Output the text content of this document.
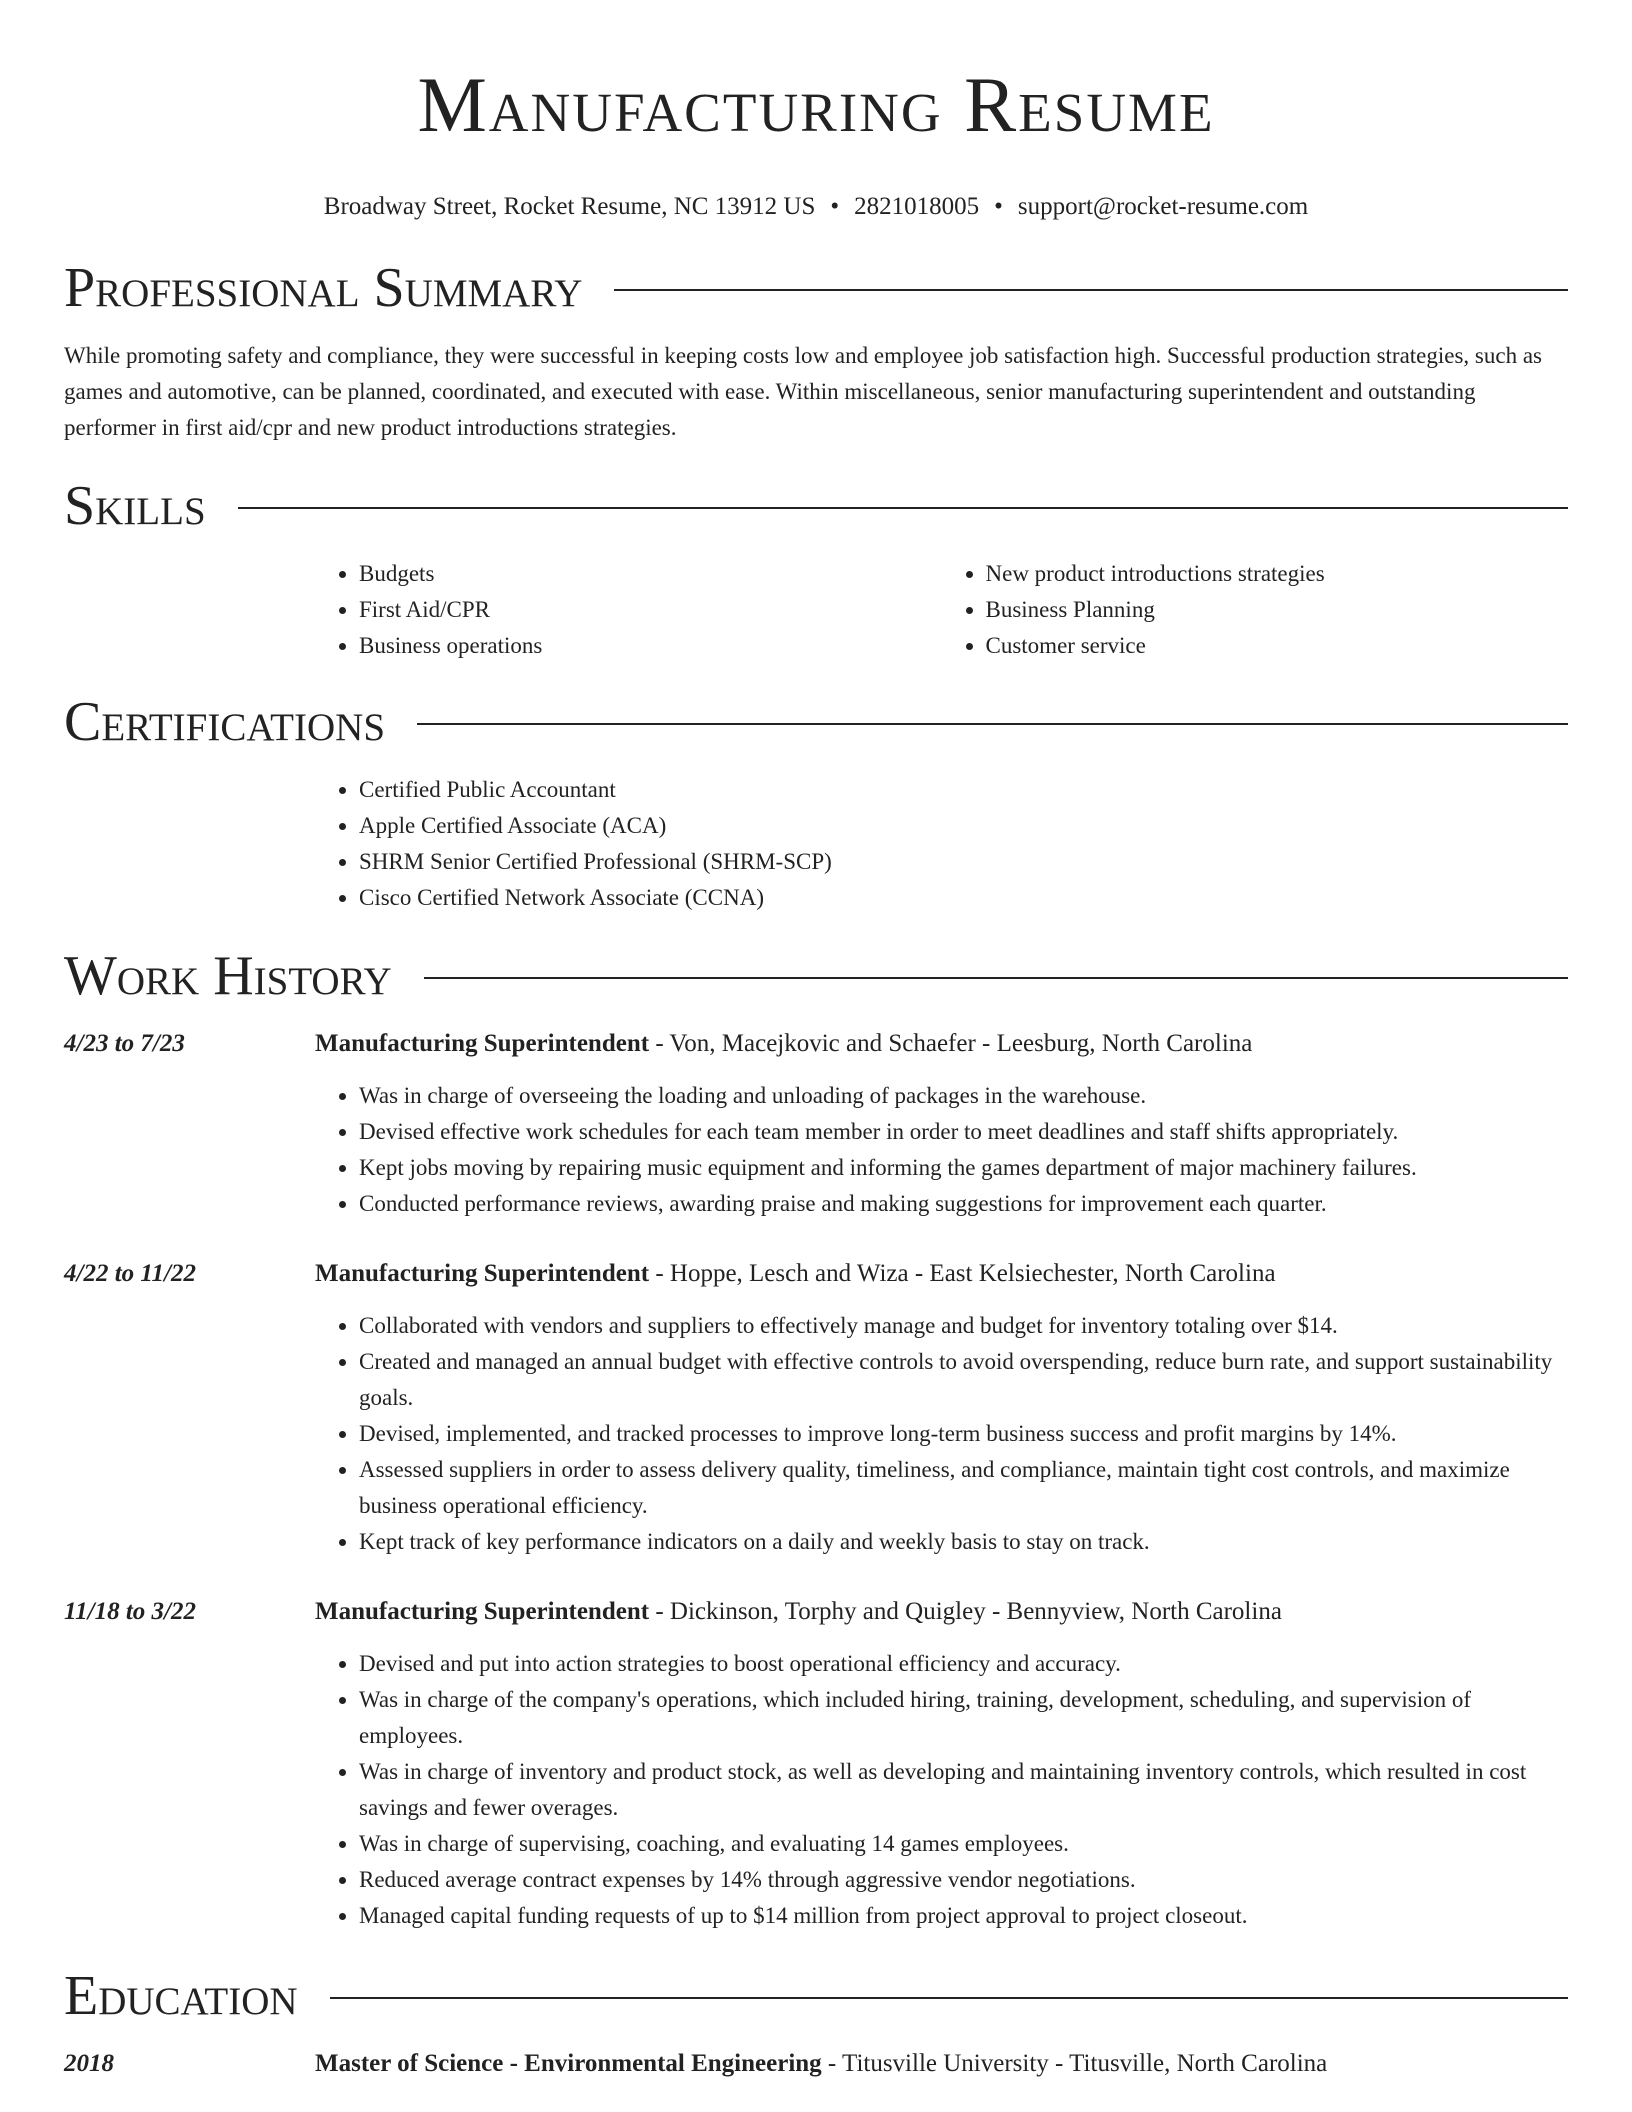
Manufacturing Resume
Broadway Street, Rocket Resume, NC 13912 US • 2821018005 • support@rocket-resume.com
Professional Summary

While promoting safety and compliance, they were successful in keeping costs low and employee job satisfaction high. Successful production strategies, such as games and automotive, can be planned, coordinated, and executed with ease. Within miscellaneous, senior manufacturing superintendent and outstanding performer in first aid/cpr and new product introductions strategies.

Skills
• Budgets
• First Aid/CPR
• Business operations
• New product introductions strategies
• Business Planning
• Customer service
Certifications
• Certified Public Accountant
• Apple Certified Associate (ACA)
• SHRM Senior Certified Professional (SHRM-SCP)
• Cisco Certified Network Associate (CCNA)
Work History
4/23 to 7/23	Manufacturing Superintendent - Von, Macejkovic and Schaefer - Leesburg, North Carolina
• Was in charge of overseeing the loading and unloading of packages in the warehouse.
• Devised effective work schedules for each team member in order to meet deadlines and staff shifts appropriately.
• Kept jobs moving by repairing music equipment and informing the games department of major machinery failures.
• Conducted performance reviews, awarding praise and making suggestions for improvement each quarter.
4/22 to 11/22	Manufacturing Superintendent - Hoppe, Lesch and Wiza - East Kelsiechester, North Carolina
• Collaborated with vendors and suppliers to effectively manage and budget for inventory totaling over $14.
• Created and managed an annual budget with effective controls to avoid overspending, reduce burn rate, and support sustainability goals.
• Devised, implemented, and tracked processes to improve long-term business success and profit margins by 14%.
• Assessed suppliers in order to assess delivery quality, timeliness, and compliance, maintain tight cost controls, and maximize business operational efficiency.
• Kept track of key performance indicators on a daily and weekly basis to stay on track.
11/18 to 3/22	Manufacturing Superintendent - Dickinson, Torphy and Quigley - Bennyview, North Carolina
• Devised and put into action strategies to boost operational efficiency and accuracy.
• Was in charge of the company's operations, which included hiring, training, development, scheduling, and supervision of employees.
• Was in charge of inventory and product stock, as well as developing and maintaining inventory controls, which resulted in cost savings and fewer overages.
• Was in charge of supervising, coaching, and evaluating 14 games employees.
• Reduced average contract expenses by 14% through aggressive vendor negotiations.
• Managed capital funding requests of up to $14 million from project approval to project closeout.
Education
2018	Master of Science - Environmental Engineering - Titusville University - Titusville, North Carolina
